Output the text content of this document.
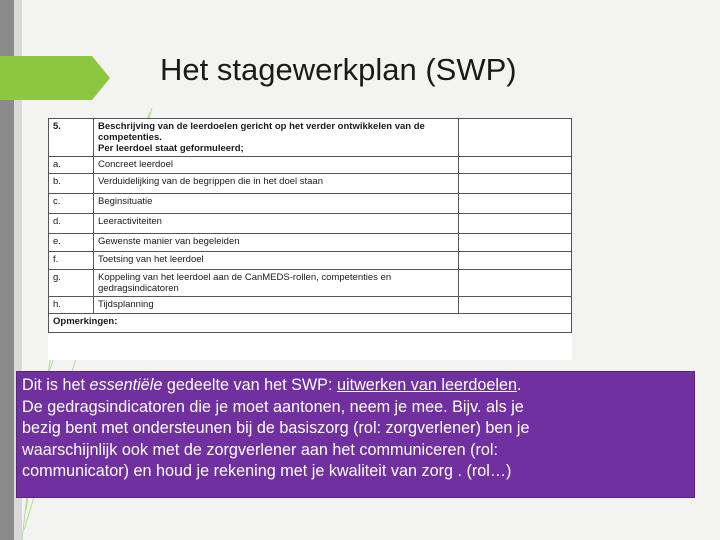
Het stagewerkplan (SWP)
5.	Beschrijving van de leerdoelen gericht op het verder ontwikkelen van de
competenties.
Per leerdoel staat geformuleerd;	

a.	Concreet leerdoel	
b.	Verduidelijking van de begrippen die in het doel staan	
c.	Beginsituatie	
d.	Leeractiviteiten	
e.	Gewenste manier van begeleiden	
f.	Toetsing van het leerdoel	
g.	Koppeling van het leerdoel aan de CanMEDS-rollen, competenties en
gedragsindicatoren	

h.	Tijdsplanning	
Opmerkingen:		

Dit is het essentiële gedeelte van het SWP: uitwerken van leerdoelen.

De gedragsindicatoren die je moet aantonen, neem je mee. Bijv. als je

bezig bent met ondersteunen bij de basiszorg (rol: zorgverlener) ben je

waarschijnlijk ook met de zorgverlener aan het communiceren (rol:

communicator) en houd je rekening met je kwaliteit van zorg . (rol…)
